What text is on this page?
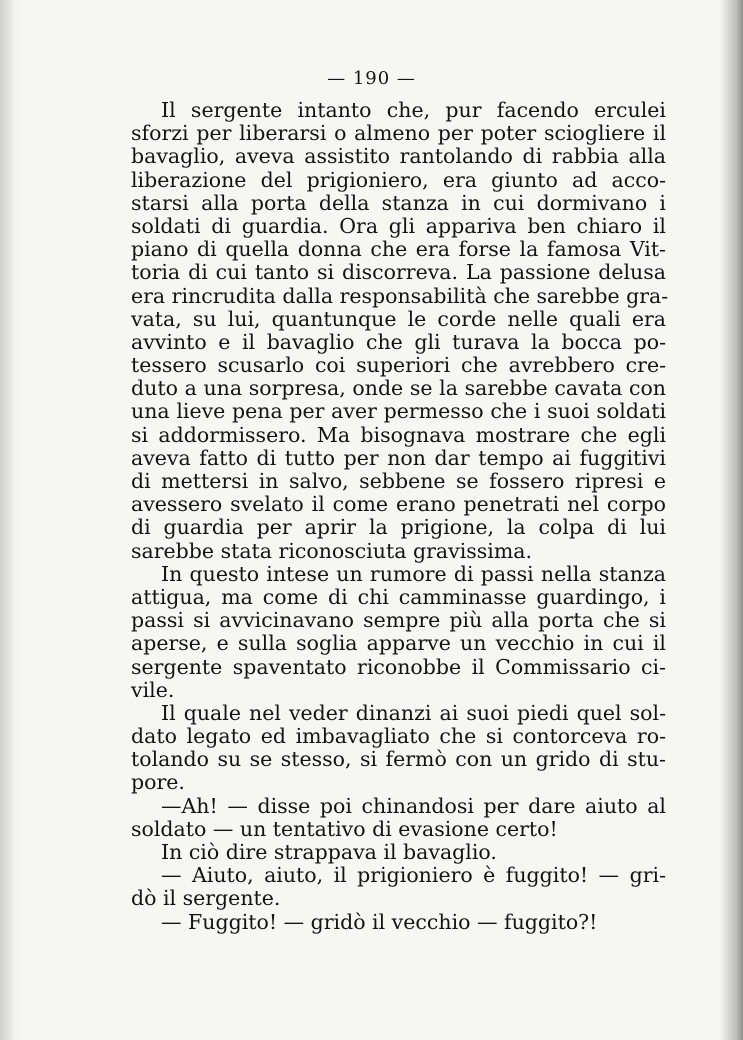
— 190 —
Il sergente intanto che, pur facendo erculei
sforzi per liberarsi o almeno per poter sciogliere il
bavaglio, aveva assistito rantolando di rabbia alla
liberazione del prigioniero, era giunto ad acco-
starsi alla porta della stanza in cui dormivano i
soldati di guardia. Ora gli appariva ben chiaro il
piano di quella donna che era forse la famosa Vit-
toria di cui tanto si discorreva. La passione delusa
era rincrudita dalla responsabilità che sarebbe gra-
vata, su lui, quantunque le corde nelle quali era
avvinto e il bavaglio che gli turava la bocca po-
tessero scusarlo coi superiori che avrebbero cre-
duto a una sorpresa, onde se la sarebbe cavata con
una lieve pena per aver permesso che i suoi soldati
si addormissero. Ma bisognava mostrare che egli
aveva fatto di tutto per non dar tempo ai fuggitivi
di mettersi in salvo, sebbene se fossero ripresi e
avessero svelato il come erano penetrati nel corpo
di guardia per aprir la prigione, la colpa di lui
sarebbe stata riconosciuta gravissima.
In questo intese un rumore di passi nella stanza
attigua, ma come di chi camminasse guardingo, i
passi si avvicinavano sempre più alla porta che si
aperse, e sulla soglia apparve un vecchio in cui il
sergente spaventato riconobbe il Commissario ci-
vile.
Il quale nel veder dinanzi ai suoi piedi quel sol-
dato legato ed imbavagliato che si contorceva ro-
tolando su se stesso, si fermò con un grido di stu-
pore.
—Ah! — disse poi chinandosi per dare aiuto al
soldato — un tentativo di evasione certo!
In ciò dire strappava il bavaglio.
— Aiuto, aiuto, il prigioniero è fuggito! — gri-
dò il sergente.
— Fuggito! — gridò il vecchio — fuggito?!
